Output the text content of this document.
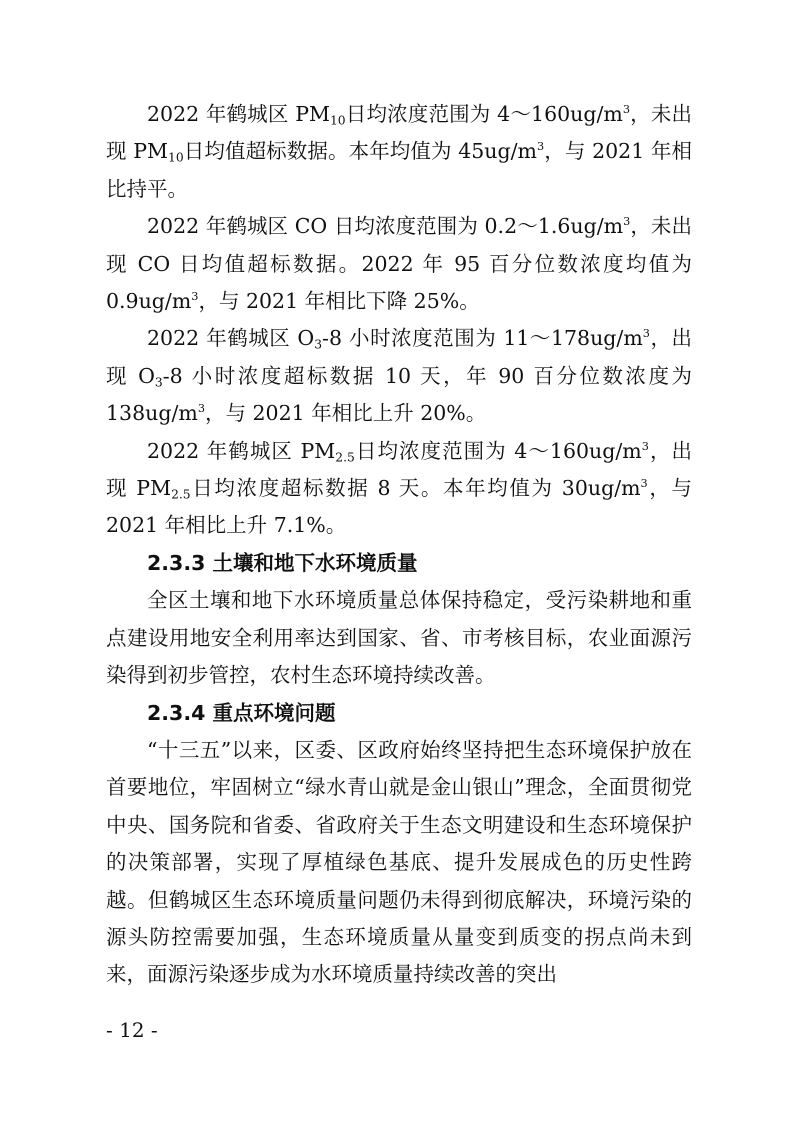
2022 年鹤城区 $PM_{10}$日均浓度范围为 $4\sim 160ug/m^3$，未出现 $PM_{10}$日均值超标数据。本年均值为 $45ug/m^3$，与 2021 年相比持平。

2022 年鹤城区 CO 日均浓度范围为 $0.2\sim 1.6ug/m^3$，未出现 CO 日均值超标数据。2022 年 95 百分位数浓度均值为 $0.9ug/m^3$，与 2021 年相比下降 25%。

2022 年鹤城区 $O_3-8$ 小时浓度范围为 $11\sim 178ug/m^3$，出现 $O_3-8$ 小时浓度超标数据 10 天，年 90 百分位数浓度为 $138ug/m^3$，与 2021 年相比上升 20%。

2022 年鹤城区 $PM_{2.5}$日均浓度范围为 $4\sim 160ug/m^3$，出现 $PM_{2.5}$日均浓度超标数据 8 天。本年均值为 $30ug/m^3$，与 2021 年相比上升 7.1%。

2.3.3 土壤和地下水环境质量

全区土壤和地下水环境质量总体保持稳定，受污染耕地和重点建设用地安全利用率达到国家、省、市考核目标，农业面源污染得到初步管控，农村生态环境持续改善。

2.3.4 重点环境问题

“十三五”以来，区委、区政府始终坚持把生态环境保护放在首要地位，牢固树立“绿水青山就是金山银山”理念，全面贯彻党中央、国务院和省委、省政府关于生态文明建设和生态环境保护的决策部署，实现了厚植绿色基底、提升发展成色的历史性跨越。但鹤城区生态环境质量问题仍未得到彻底解决，环境污染的源头防控需要加强，生态环境质量从量变到质变的拐点尚未到来，面源污染逐步成为水环境质量持续改善的突出

- 12 -
